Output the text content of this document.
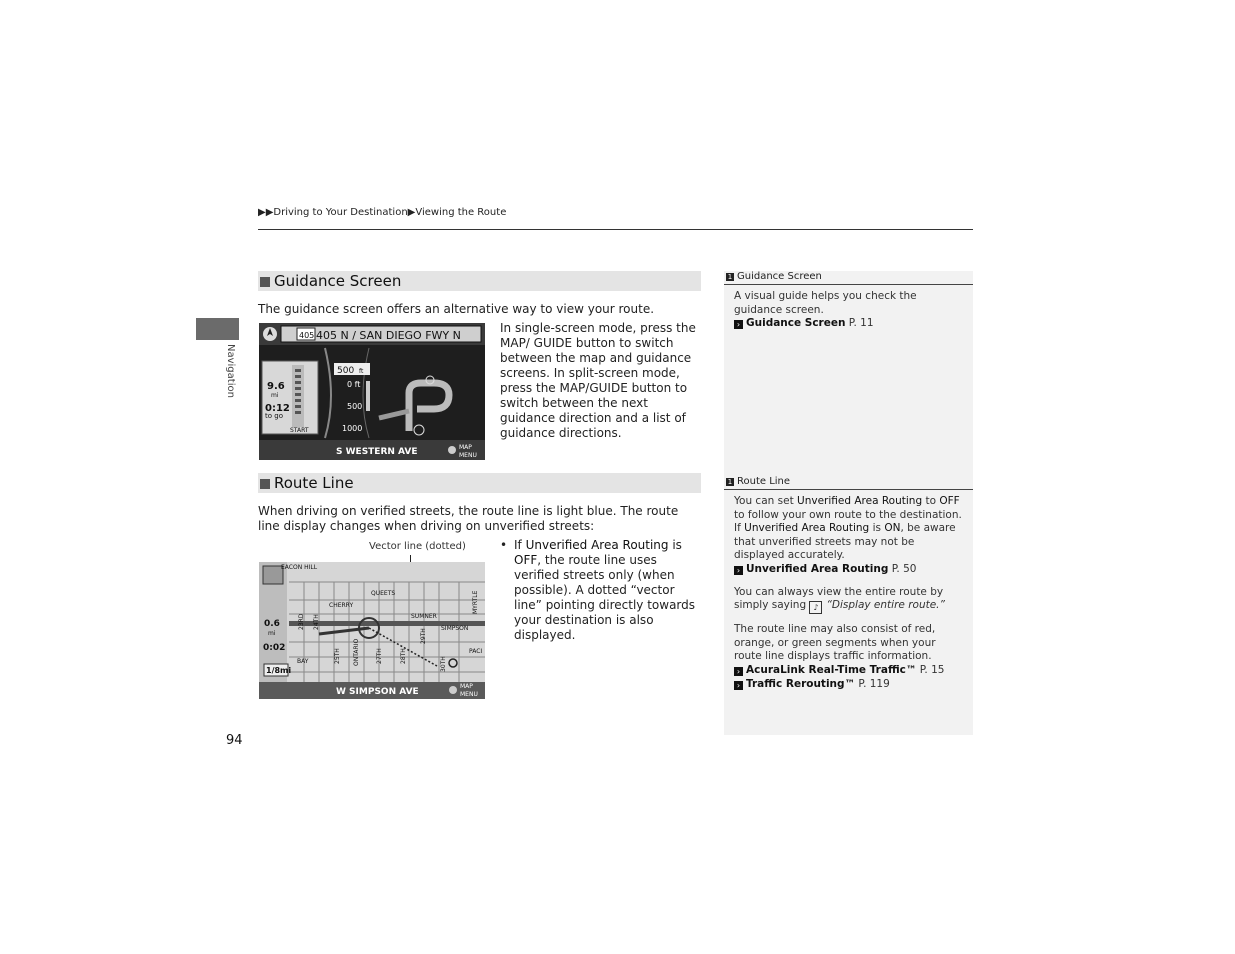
▶▶Driving to Your Destination▶Viewing the Route
Navigation
Guidance Screen
The guidance screen offers an alternative way to view your route.
405 405 N / SAN DIEGO FWY N
9.6
mi
0:12
to go
START
500 ft
0 ft
500
1000
S WESTERN AVE	MAP
MENU
In single-screen mode, press the MAP/ GUIDE button to switch between the map and guidance screens. In split-screen mode, press the MAP/GUIDE button to switch between the next guidance direction and a list of guidance directions.
Route Line
When driving on verified streets, the route line is light blue. The route line display changes when driving on unverified streets:
Vector line (dotted)
0.6
mi
0:02
1/8mi
EACON HILL
QUEETS
CHERRY
SUMNER
SIMPSON
MYRTLE
BAY
PACI
ONTARIO
23RD 24TH
25TH	27TH	28TH
29TH
30TH
W SIMPSON AVE
MAP
MENU
• If Unverified Area Routing is OFF, the route line uses verified streets only (when possible). A dotted “vector line” pointing directly towards your destination is also displayed.
1 Guidance Screen
A visual guide helps you check the guidance screen.
› Guidance Screen P. 11
1 Route Line
You can set Unverified Area Routing to OFF to follow your own route to the destination. If Unverified Area Routing is ON, be aware that unverified streets may not be displayed accurately.
› Unverified Area Routing P. 50
You can always view the entire route by simply saying ♪ “Display entire route.”
The route line may also consist of red, orange, or green segments when your route line displays traffic information.
› AcuraLink Real-Time Traffic™ P. 15
› Traffic Rerouting™ P. 119
94
